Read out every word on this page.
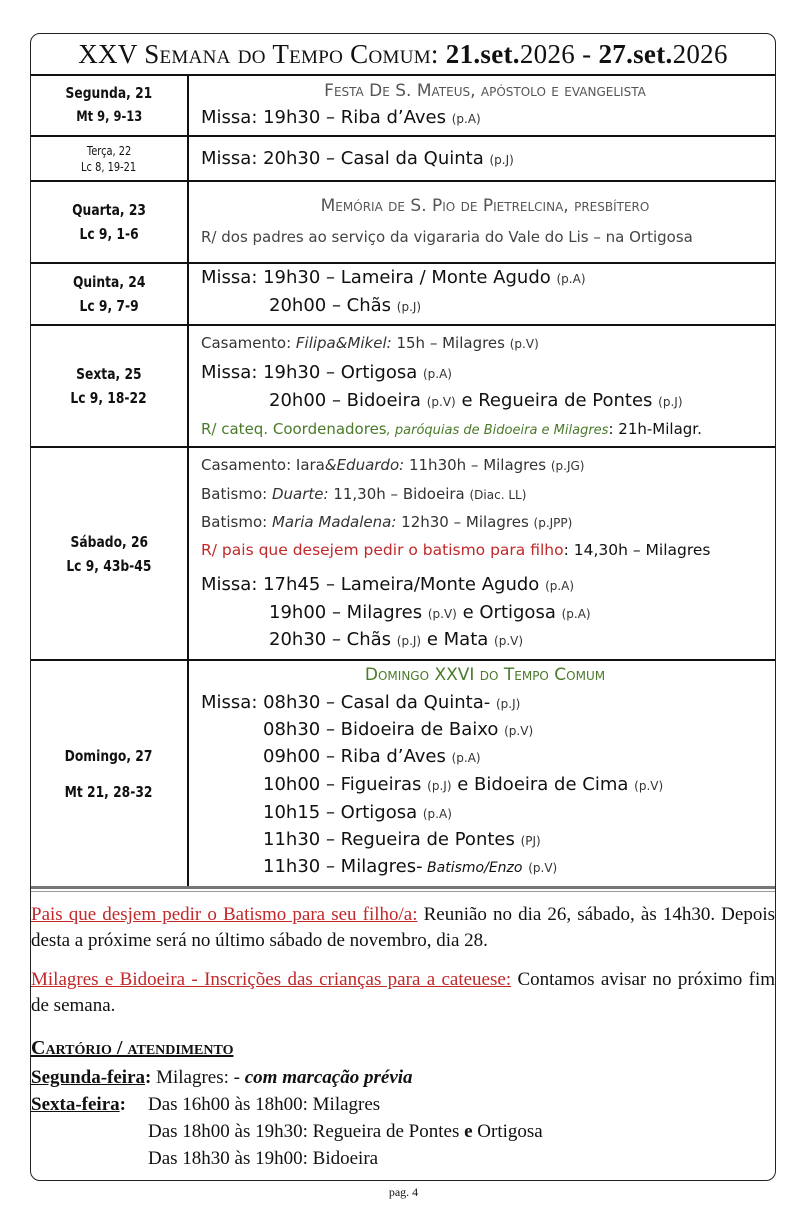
XXV Semana do Tempo Comum: 21.set.2026 - 27.set.2026
Segunda, 21
Mt 9, 9-13
Festa De S. Mateus, apóstolo e evangelista
Missa: 19h30 – Riba d’Aves (p.A)
Terça, 22
Lc 8, 19-21	Missa: 20h30 – Casal da Quinta (p.J)
Quarta, 23
Lc 9, 1-6
Memória de S. Pio de Pietrelcina, presbítero
R/ dos padres ao serviço da vigararia do Vale do Lis – na Ortigosa
Quinta, 24
Lc 9, 7-9
Missa: 19h30 – Lameira / Monte Agudo (p.A)
20h00 – Chãs (p.J)
Sexta, 25
Lc 9, 18-22
Casamento: Filipa&Mikel: 15h – Milagres (p.V)
Missa: 19h30 – Ortigosa (p.A)
20h00 – Bidoeira (p.V) e Regueira de Pontes (p.J)
R/ cateq. Coordenadores, paróquias de Bidoeira e Milagres: 21h-Milagr.
Sábado, 26
Lc 9, 43b-45
Casamento: Iara&Eduardo: 11h30h – Milagres (p.JG)
Batismo: Duarte: 11,30h – Bidoeira (Diac. LL)
Batismo: Maria Madalena: 12h30 – Milagres (p.JPP)
R/ pais que desejem pedir o batismo para filho: 14,30h – Milagres
Missa: 17h45 – Lameira/Monte Agudo (p.A)
19h00 – Milagres (p.V) e Ortigosa (p.A)
20h30 – Chãs (p.J) e Mata (p.V)
Domingo, 27
Mt 21, 28-32
Domingo XXVI do Tempo Comum
Missa: 08h30 – Casal da Quinta- (p.J)
08h30 – Bidoeira de Baixo (p.V)
09h00 – Riba d’Aves (p.A)
10h00 – Figueiras (p.J) e Bidoeira de Cima (p.V)
10h15 – Ortigosa (p.A)
11h30 – Regueira de Pontes (PJ)
11h30 – Milagres- Batismo/Enzo (p.V)
Pais que desjem pedir o Batismo para seu filho/a: Reunião no dia 26, sábado, às 14h30. Depois desta a próxime será no último sábado de novembro, dia 28.
Milagres e Bidoeira - Inscrições das crianças para a cateuese: Contamos avisar no próximo fim de semana.
Cartório / atendimento
Segunda-feira: Milagres: - com marcação prévia
Sexta-feira: Das 16h00 às 18h00: Milagres
Das 18h00 às 19h30: Regueira de Pontes e Ortigosa
Das 18h30 às 19h00: Bidoeira
pag. 4
